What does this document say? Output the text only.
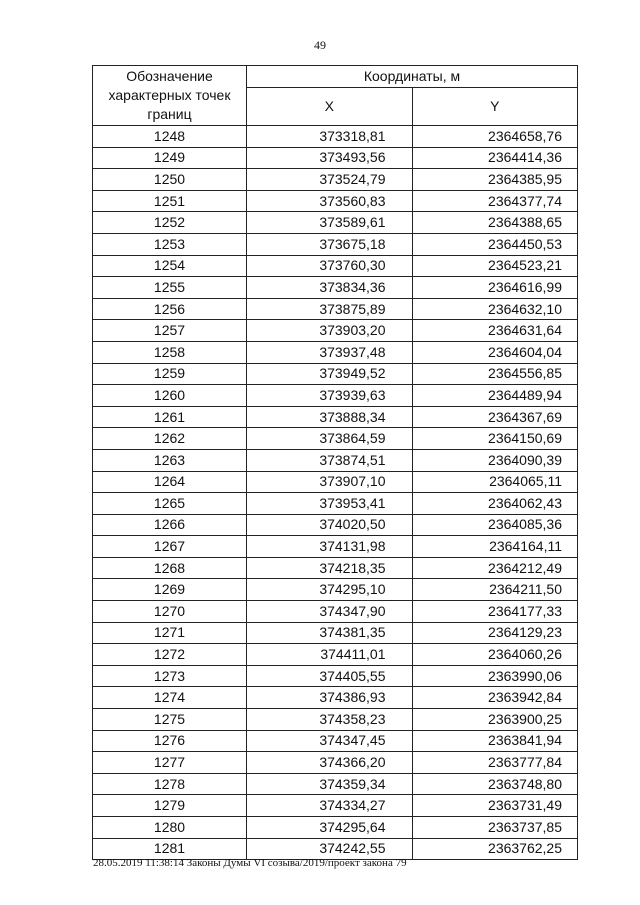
49
Обозначение характерных точек границ	Координаты, м	
	X	Y
1248	373318,81	2364658,76
1249	373493,56	2364414,36
1250	373524,79	2364385,95
1251	373560,83	2364377,74
1252	373589,61	2364388,65
1253	373675,18	2364450,53
1254	373760,30	2364523,21
1255	373834,36	2364616,99
1256	373875,89	2364632,10
1257	373903,20	2364631,64
1258	373937,48	2364604,04
1259	373949,52	2364556,85
1260	373939,63	2364489,94
1261	373888,34	2364367,69
1262	373864,59	2364150,69
1263	373874,51	2364090,39
1264	373907,10	2364065,11
1265	373953,41	2364062,43
1266	374020,50	2364085,36
1267	374131,98	2364164,11
1268	374218,35	2364212,49
1269	374295,10	2364211,50
1270	374347,90	2364177,33
1271	374381,35	2364129,23
1272	374411,01	2364060,26
1273	374405,55	2363990,06
1274	374386,93	2363942,84
1275	374358,23	2363900,25
1276	374347,45	2363841,94
1277	374366,20	2363777,84
1278	374359,34	2363748,80
1279	374334,27	2363731,49
1280	374295,64	2363737,85
1281	374242,55	2363762,25
28.05.2019 11:38:14 Законы Думы VI созыва/2019/проект закона 79
